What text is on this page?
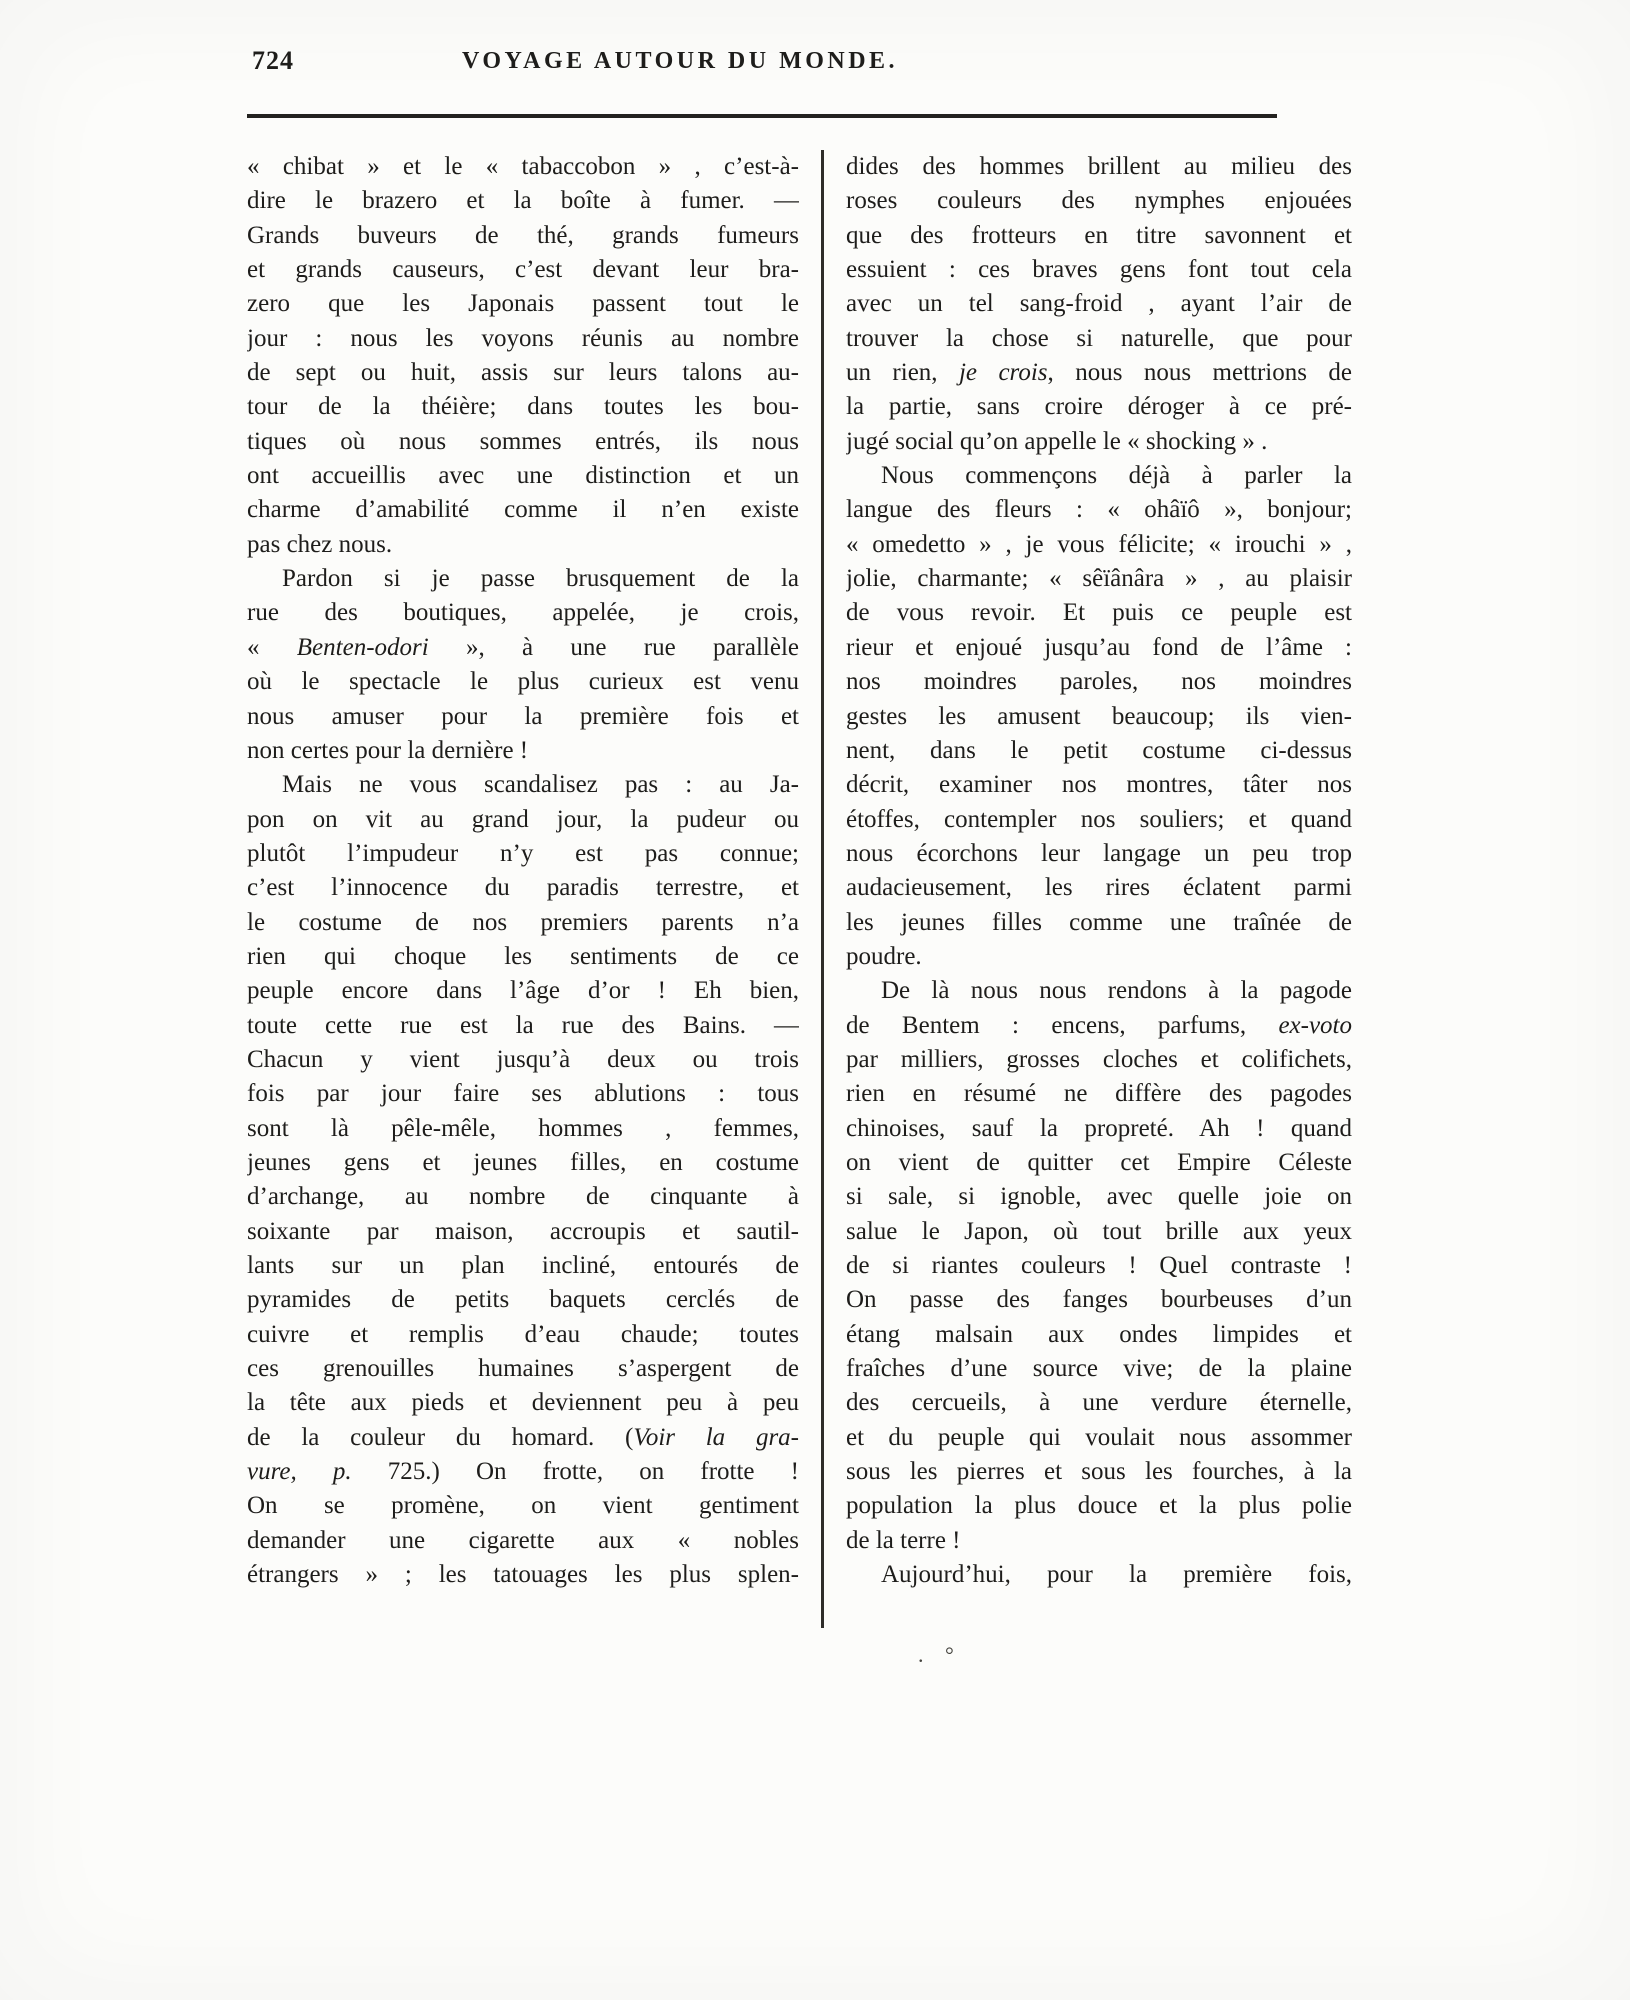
724	VOYAGE AUTOUR DU MONDE.
« chibat » et le « tabaccobon » , c’est-à-
dire le brazero et la boîte à fumer. —
Grands buveurs de thé, grands fumeurs
et grands causeurs, c’est devant leur bra-
zero que les Japonais passent tout le
jour : nous les voyons réunis au nombre
de sept ou huit, assis sur leurs talons au-
tour de la théière; dans toutes les bou-
tiques où nous sommes entrés, ils nous
ont accueillis avec une distinction et un
charme d’amabilité comme il n’en existe
pas chez nous.
Pardon si je passe brusquement de la
rue des boutiques, appelée, je crois,
« Benten-odori », à une rue parallèle
où le spectacle le plus curieux est venu
nous amuser pour la première fois et
non certes pour la dernière !
Mais ne vous scandalisez pas : au Ja-
pon on vit au grand jour, la pudeur ou
plutôt l’impudeur n’y est pas connue;
c’est l’innocence du paradis terrestre, et
le costume de nos premiers parents n’a
rien qui choque les sentiments de ce
peuple encore dans l’âge d’or ! Eh bien,
toute cette rue est la rue des Bains. —
Chacun y vient jusqu’à deux ou trois
fois par jour faire ses ablutions : tous
sont là pêle-mêle, hommes , femmes,
jeunes gens et jeunes filles, en costume
d’archange, au nombre de cinquante à
soixante par maison, accroupis et sautil-
lants sur un plan incliné, entourés de
pyramides de petits baquets cerclés de
cuivre et remplis d’eau chaude; toutes
ces grenouilles humaines s’aspergent de
la tête aux pieds et deviennent peu à peu
de la couleur du homard. (Voir la gra-
vure, p. 725.) On frotte, on frotte !
On se promène, on vient gentiment
demander une cigarette aux « nobles
étrangers » ; les tatouages les plus splen-
dides des hommes brillent au milieu des
roses couleurs des nymphes enjouées
que des frotteurs en titre savonnent et
essuient : ces braves gens font tout cela
avec un tel sang-froid , ayant l’air de
trouver la chose si naturelle, que pour
un rien, je crois, nous nous mettrions de
la partie, sans croire déroger à ce pré-
jugé social qu’on appelle le « shocking » .
Nous commençons déjà à parler la
langue des fleurs : « ohâïô », bonjour;
« omedetto » , je vous félicite; « irouchi » ,
jolie, charmante; « sêïânâra » , au plaisir
de vous revoir. Et puis ce peuple est
rieur et enjoué jusqu’au fond de l’âme :
nos moindres paroles, nos moindres
gestes les amusent beaucoup; ils vien-
nent, dans le petit costume ci-dessus
décrit, examiner nos montres, tâter nos
étoffes, contempler nos souliers; et quand
nous écorchons leur langage un peu trop
audacieusement, les rires éclatent parmi
les jeunes filles comme une traînée de
poudre.
De là nous nous rendons à la pagode
de Bentem : encens, parfums, ex-voto
par milliers, grosses cloches et colifichets,
rien en résumé ne diffère des pagodes
chinoises, sauf la propreté. Ah ! quand
on vient de quitter cet Empire Céleste
si sale, si ignoble, avec quelle joie on
salue le Japon, où tout brille aux yeux
de si riantes couleurs ! Quel contraste !
On passe des fanges bourbeuses d’un
étang malsain aux ondes limpides et
fraîches d’une source vive; de la plaine
des cercueils, à une verdure éternelle,
et du peuple qui voulait nous assommer
sous les pierres et sous les fourches, à la
population la plus douce et la plus polie
de la terre !
Aujourd’hui, pour la première fois,
. °
